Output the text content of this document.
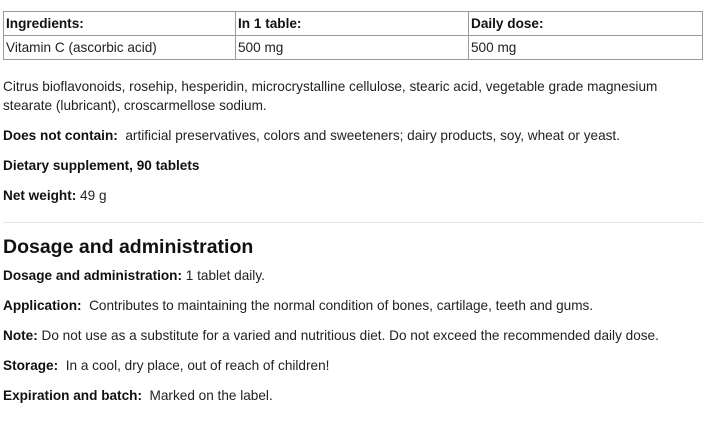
Ingredients:	In 1 table:	Daily dose:
Vitamin C (ascorbic acid)	500 mg	500 mg

Citrus bioflavonoids, rosehip, hesperidin, microcrystalline cellulose, stearic acid, vegetable grade magnesium stearate (lubricant), croscarmellose sodium.

Does not contain: artificial preservatives, colors and sweeteners; dairy products, soy, wheat or yeast.

Dietary supplement, 90 tablets

Net weight: 49 g

Dosage and administration

Dosage and administration: 1 tablet daily.

Application: Contributes to maintaining the normal condition of bones, cartilage, teeth and gums.

Note: Do not use as a substitute for a varied and nutritious diet. Do not exceed the recommended daily dose.

Storage: In a cool, dry place, out of reach of children!

Expiration and batch: Marked on the label.
